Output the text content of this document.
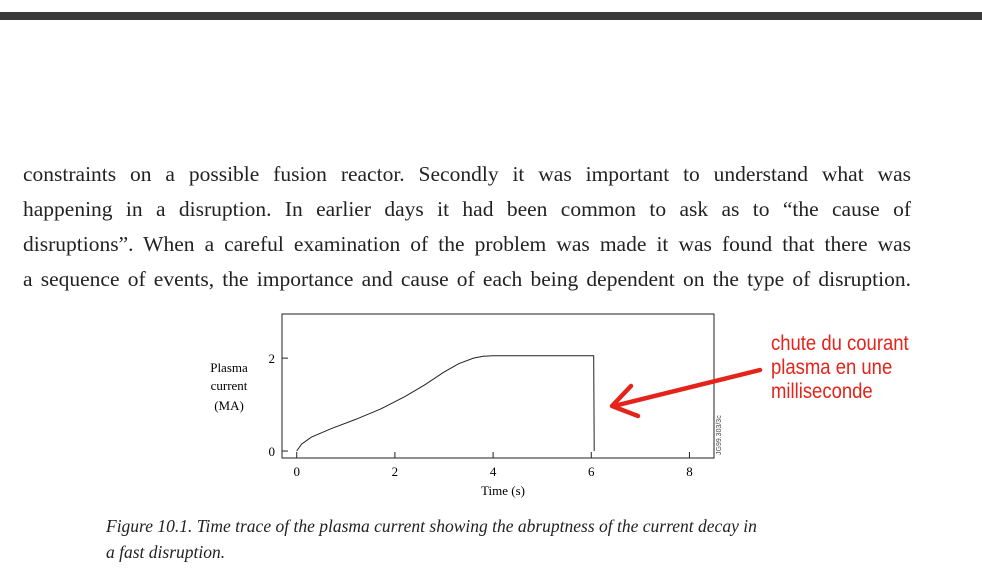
constraints on a possible fusion reactor. Secondly it was important to understand what was
happening in a disruption. In earlier days it had been common to ask as to “the cause of
disruptions”. When a careful examination of the problem was made it was found that there was
a sequence of events, the importance and cause of each being dependent on the type of disruption.
Plasma
current
(MA)
Time (s)
JG99.303/3c
0	2	4	6	8
0
2
chute du courant
plasma en une
milliseconde
Figure 10.1. Time trace of the plasma current showing the abruptness of the current decay in
a fast disruption.
